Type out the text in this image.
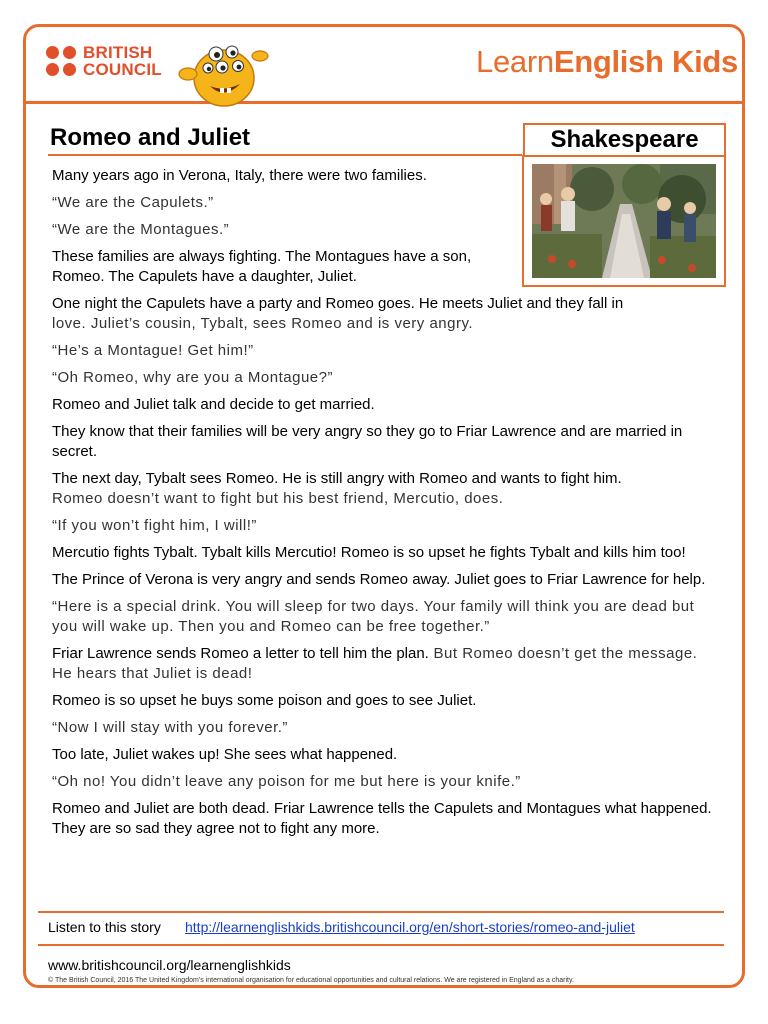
BRITISH
COUNCIL	LearnEnglish Kids
Romeo and Juliet	Shakespeare

Many years ago in Verona, Italy, there were two families.

“We are the Capulets.”

“We are the Montagues.”

These families are always fighting. The Montagues have a son, Romeo. The Capulets have a daughter, Juliet.

One night the Capulets have a party and Romeo goes. He meets Juliet and they fall in
love. Juliet’s cousin, Tybalt, sees Romeo and is very angry.

“He’s a Montague! Get him!”

“Oh Romeo, why are you a Montague?”

Romeo and Juliet talk and decide to get married.

They know that their families will be very angry so they go to Friar Lawrence and are married in secret.

The next day, Tybalt sees Romeo. He is still angry with Romeo and wants to fight him.
Romeo doesn’t want to fight but his best friend, Mercutio, does.

“If you won’t fight him, I will!”

Mercutio fights Tybalt. Tybalt kills Mercutio! Romeo is so upset he fights Tybalt and kills him too!

The Prince of Verona is very angry and sends Romeo away. Juliet goes to Friar Lawrence for help.

“Here is a special drink. You will sleep for two days. Your family will think you are dead but you will wake up. Then you and Romeo can be free together.”

Friar Lawrence sends Romeo a letter to tell him the plan. But Romeo doesn’t get the message. He hears that Juliet is dead!

Romeo is so upset he buys some poison and goes to see Juliet.

“Now I will stay with you forever.”

Too late, Juliet wakes up! She sees what happened.

“Oh no! You didn’t leave any poison for me but here is your knife.”

Romeo and Juliet are both dead. Friar Lawrence tells the Capulets and Montagues what happened. They are so sad they agree not to fight any more.

Listen to this story http://learnenglishkids.britishcouncil.org/en/short-stories/romeo-and-juliet
www.britishcouncil.org/learnenglishkids
© The British Council, 2016 The United Kingdom’s international organisation for educational opportunities and cultural relations. We are registered in England as a charity.
